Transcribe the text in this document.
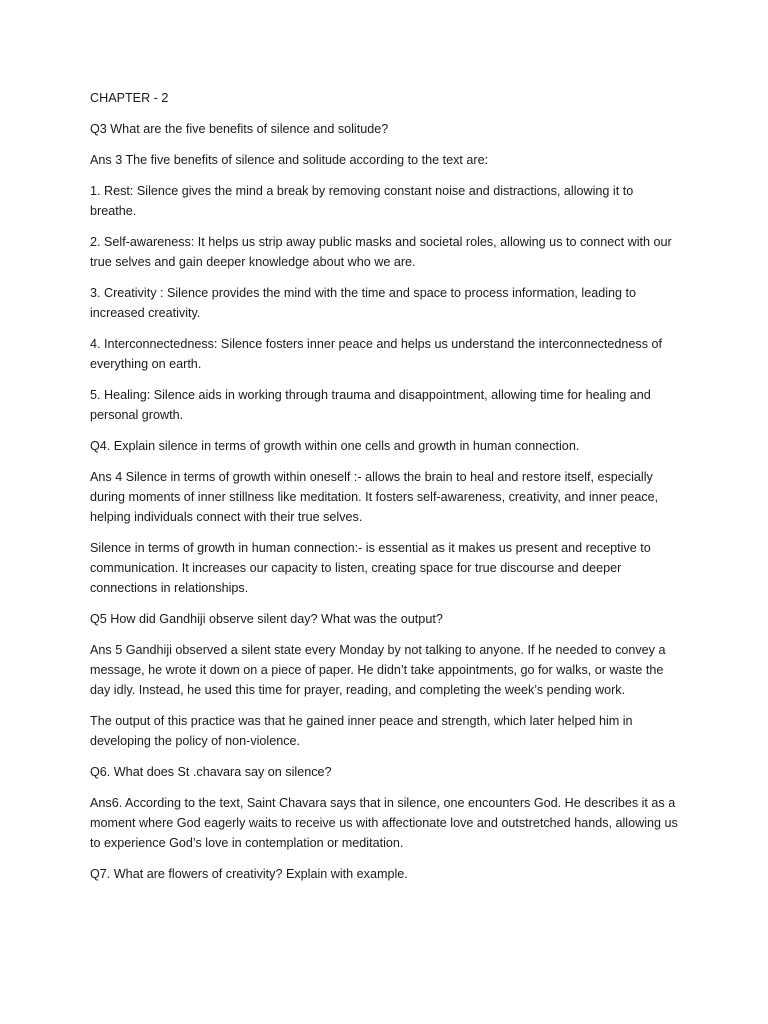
CHAPTER - 2

Q3 What are the five benefits of silence and solitude?

Ans 3 The five benefits of silence and solitude according to the text are:

1. Rest: Silence gives the mind a break by removing constant noise and distractions, allowing it to breathe.

2. Self-awareness: It helps us strip away public masks and societal roles, allowing us to connect with our true selves and gain deeper knowledge about who we are.

3. Creativity : Silence provides the mind with the time and space to process information, leading to increased creativity.

4. Interconnectedness: Silence fosters inner peace and helps us understand the interconnectedness of everything on earth.

5. Healing: Silence aids in working through trauma and disappointment, allowing time for healing and personal growth.

Q4. Explain silence in terms of growth within one cells and growth in human connection.

Ans 4 Silence in terms of growth within oneself :- allows the brain to heal and restore itself, especially during moments of inner stillness like meditation. It fosters self-awareness, creativity, and inner peace, helping individuals connect with their true selves.

Silence in terms of growth in human connection:- is essential as it makes us present and receptive to communication. It increases our capacity to listen, creating space for true discourse and deeper connections in relationships.

Q5 How did Gandhiji observe silent day? What was the output?

Ans 5 Gandhiji observed a silent state every Monday by not talking to anyone. If he needed to convey a message, he wrote it down on a piece of paper. He didn’t take appointments, go for walks, or waste the day idly. Instead, he used this time for prayer, reading, and completing the week’s pending work.

The output of this practice was that he gained inner peace and strength, which later helped him in developing the policy of non-violence.

Q6. What does St .chavara say on silence?

Ans6. According to the text, Saint Chavara says that in silence, one encounters God. He describes it as a moment where God eagerly waits to receive us with affectionate love and outstretched hands, allowing us to experience God’s love in contemplation or meditation.

Q7. What are flowers of creativity? Explain with example.
